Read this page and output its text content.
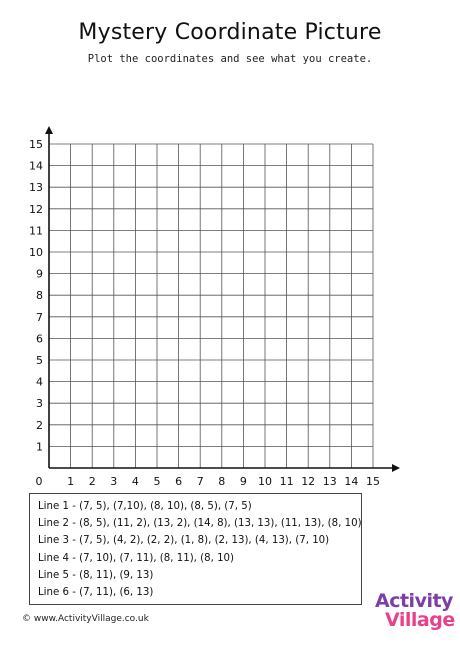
Mystery Coordinate Picture
Plot the coordinates and see what you create.
1 2 3 4 5 6 7 8 9 10 11 12 13 14 15
1
2
3
4
5
6
7
8
9
10
11
12
13
14
15
0
Line 1 - (7, 5), (7,10), (8, 10), (8, 5), (7, 5)
Line 2 - (8, 5), (11, 2), (13, 2), (14, 8), (13, 13), (11, 13), (8, 10)
Line 3 - (7, 5), (4, 2), (2, 2), (1, 8), (2, 13), (4, 13), (7, 10)
Line 4 - (7, 10), (7, 11), (8, 11), (8, 10)
Line 5 - (8, 11), (9, 13)
Line 6 - (7, 11), (6, 13)
© www.ActivityVillage.co.uk
Activity
Village
